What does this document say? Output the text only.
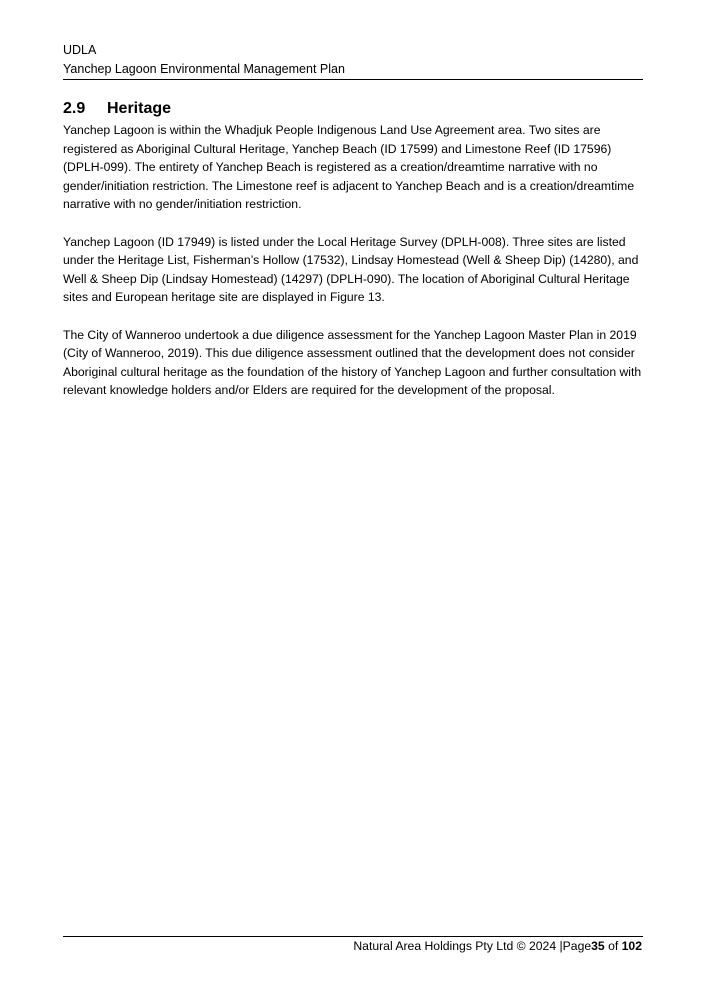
UDLA
Yanchep Lagoon Environmental Management Plan
2.9 Heritage

Yanchep Lagoon is within the Whadjuk People Indigenous Land Use Agreement area. Two sites are registered as Aboriginal Cultural Heritage, Yanchep Beach (ID 17599) and Limestone Reef (ID 17596) (DPLH-099). The entirety of Yanchep Beach is registered as a creation/dreamtime narrative with no gender/initiation restriction. The Limestone reef is adjacent to Yanchep Beach and is a creation/dreamtime narrative with no gender/initiation restriction.

Yanchep Lagoon (ID 17949) is listed under the Local Heritage Survey (DPLH-008). Three sites are listed under the Heritage List, Fisherman’s Hollow (17532), Lindsay Homestead (Well & Sheep Dip) (14280), and Well & Sheep Dip (Lindsay Homestead) (14297) (DPLH-090). The location of Aboriginal Cultural Heritage sites and European heritage site are displayed in Figure 13.

The City of Wanneroo undertook a due diligence assessment for the Yanchep Lagoon Master Plan in 2019 (City of Wanneroo, 2019). This due diligence assessment outlined that the development does not consider Aboriginal cultural heritage as the foundation of the history of Yanchep Lagoon and further consultation with relevant knowledge holders and/or Elders are required for the development of the proposal.

Natural Area Holdings Pty Ltd © 2024 |Page35 of 102
